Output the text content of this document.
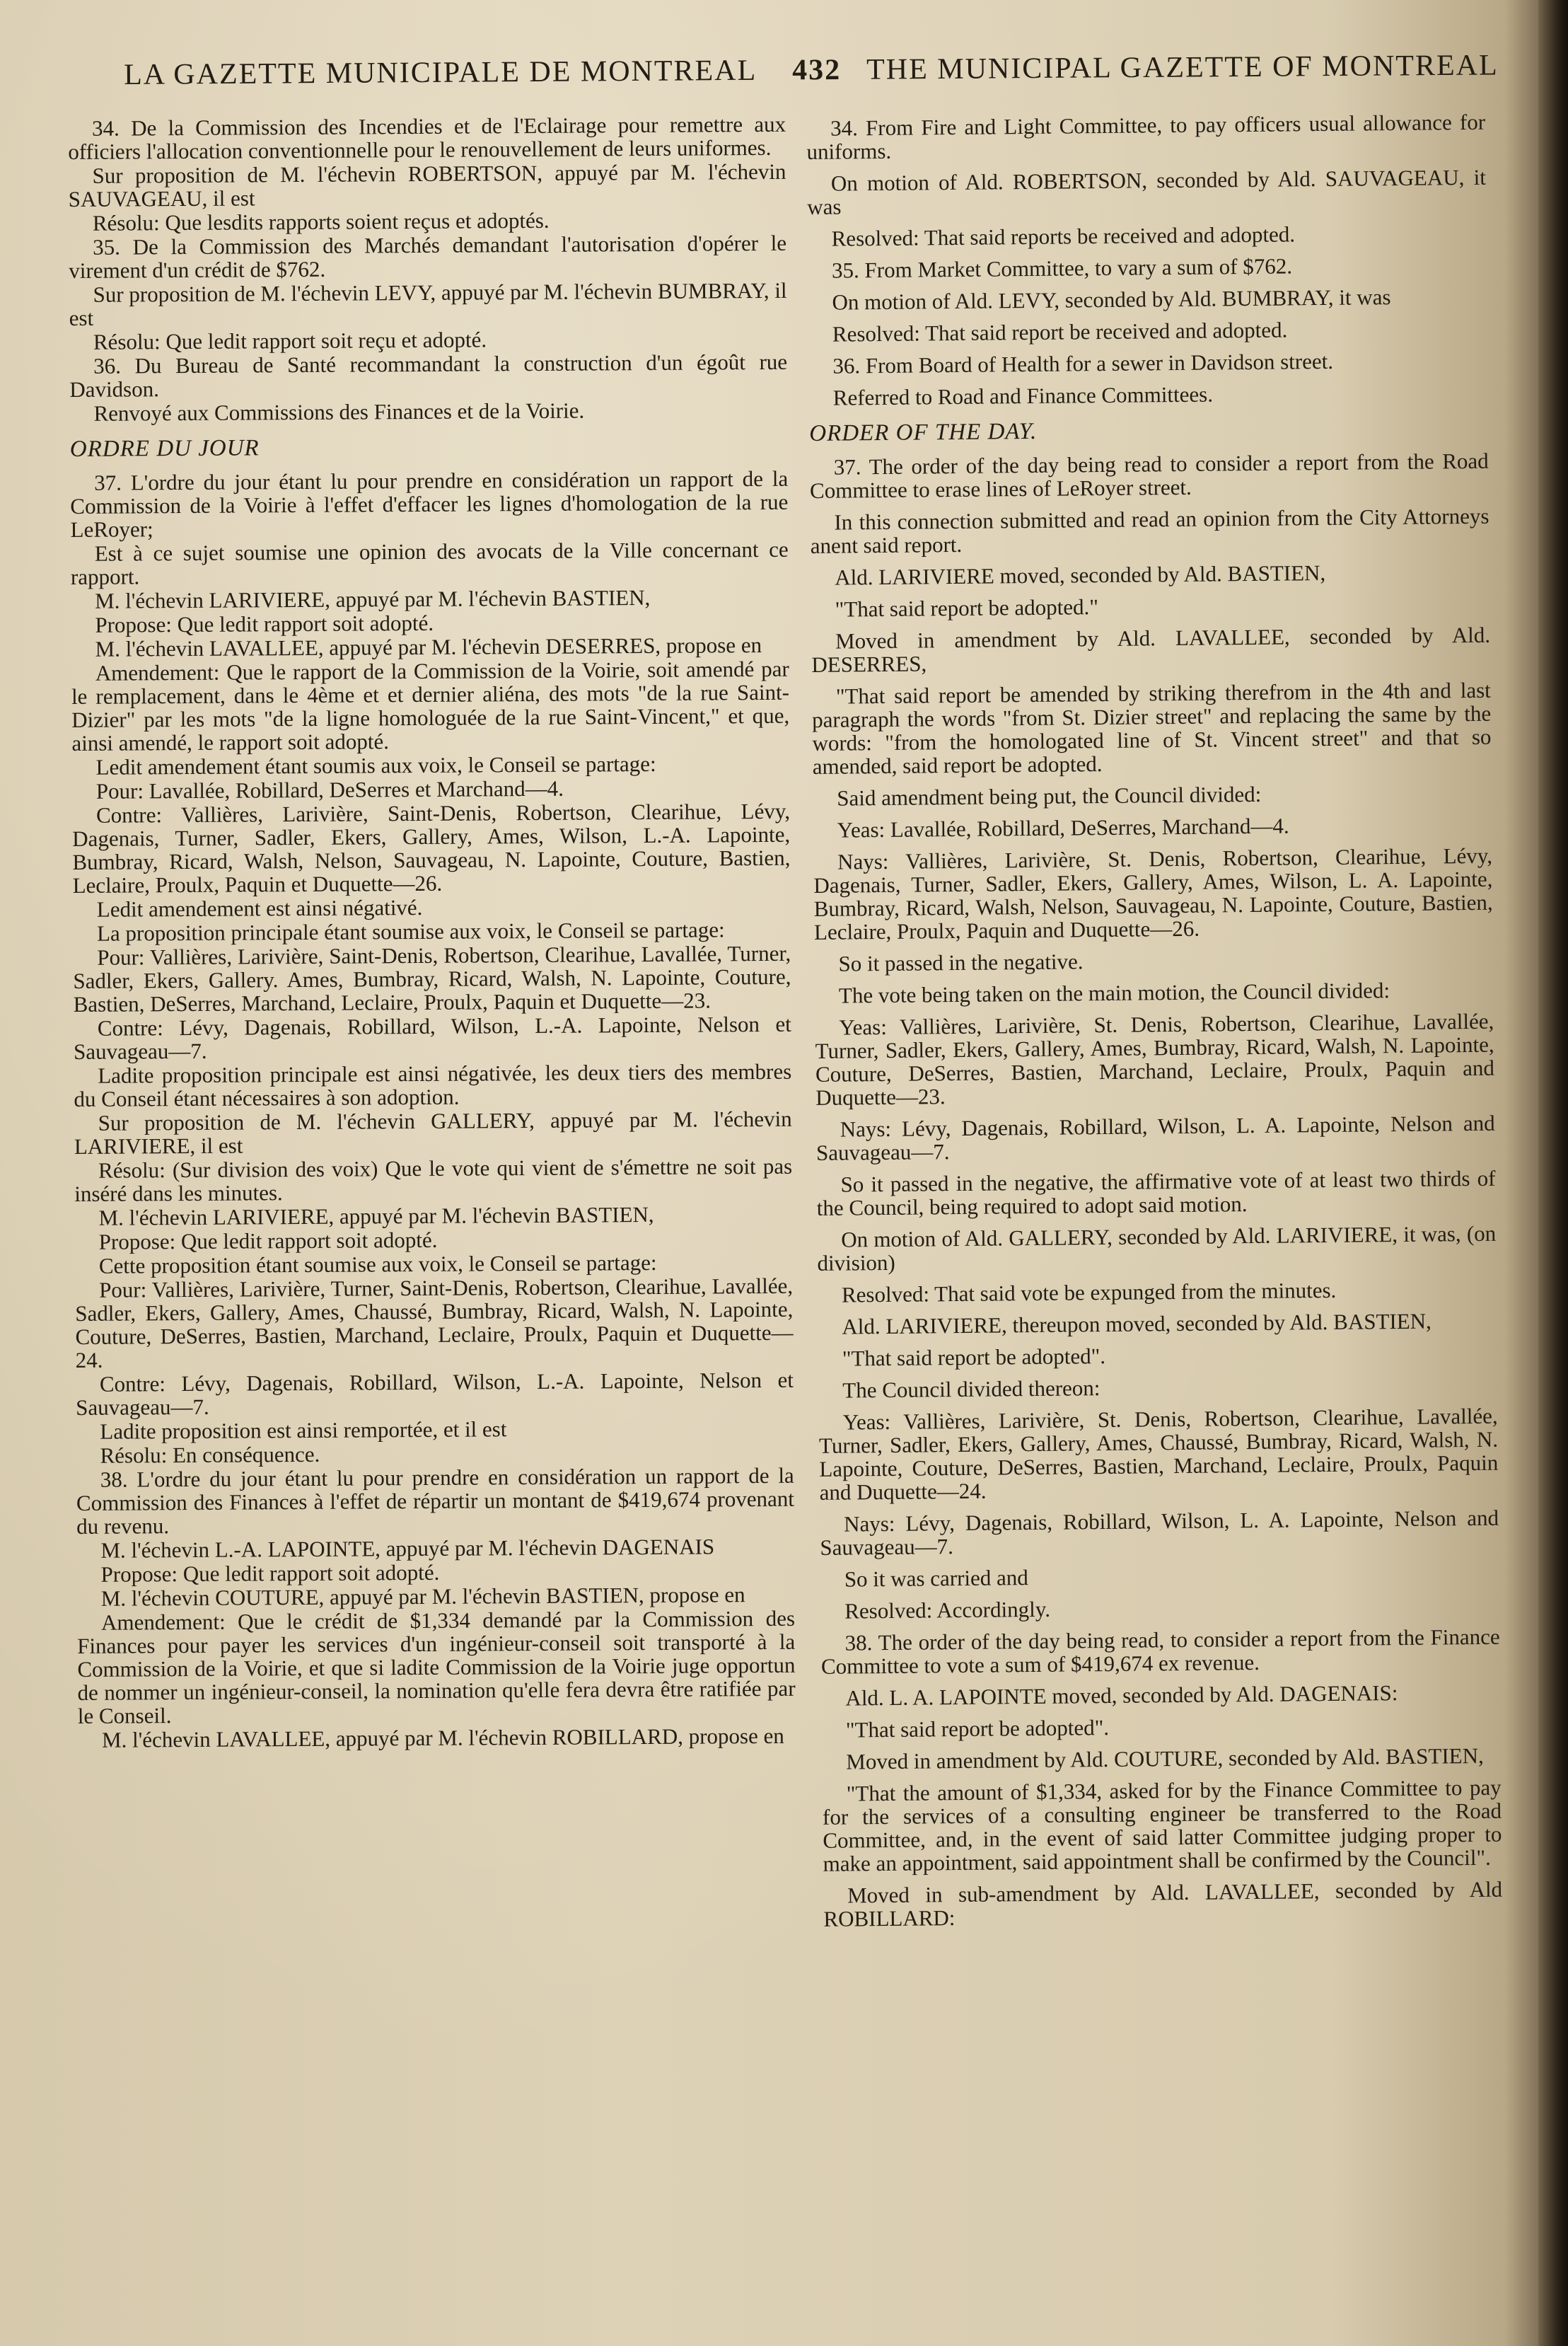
LA GAZETTE MUNICIPALE DE MONTREAL 432 THE MUNICIPAL GAZETTE OF MONTREAL

34. De la Commission des Incendies et de l'Eclairage pour remettre aux officiers l'allocation conventionnelle pour le renouvellement de leurs uniformes.

Sur proposition de M. l'échevin ROBERTSON, appuyé par M. l'échevin SAUVAGEAU, il est

Résolu: Que lesdits rapports soient reçus et adoptés.

35. De la Commission des Marchés demandant l'autorisation d'opérer le virement d'un crédit de $762.

Sur proposition de M. l'échevin LEVY, appuyé par M. l'échevin BUMBRAY, il est

Résolu: Que ledit rapport soit reçu et adopté.

36. Du Bureau de Santé recommandant la construction d'un égoût rue Davidson.

Renvoyé aux Commissions des Finances et de la Voirie.

ORDRE DU JOUR

37. L'ordre du jour étant lu pour prendre en considération un rapport de la Commission de la Voirie à l'effet d'effacer les lignes d'homologation de la rue LeRoyer;

Est à ce sujet soumise une opinion des avocats de la Ville concernant ce rapport.

M. l'échevin LARIVIERE, appuyé par M. l'échevin BASTIEN,

Propose: Que ledit rapport soit adopté.

M. l'échevin LAVALLEE, appuyé par M. l'échevin DESERRES, propose en

Amendement: Que le rapport de la Commission de la Voirie, soit amendé par le remplacement, dans le 4ème et et dernier aliéna, des mots "de la rue Saint-Dizier" par les mots "de la ligne homologuée de la rue Saint-Vincent," et que, ainsi amendé, le rapport soit adopté.

Ledit amendement étant soumis aux voix, le Conseil se partage:

Pour: Lavallée, Robillard, DeSerres et Marchand—4.

Contre: Vallières, Larivière, Saint-Denis, Robertson, Clearihue, Lévy, Dagenais, Turner, Sadler, Ekers, Gallery, Ames, Wilson, L.-A. Lapointe, Bumbray, Ricard, Walsh, Nelson, Sauvageau, N. Lapointe, Couture, Bastien, Leclaire, Proulx, Paquin et Duquette—26.

Ledit amendement est ainsi négativé.

La proposition principale étant soumise aux voix, le Conseil se partage:

Pour: Vallières, Larivière, Saint-Denis, Robertson, Clearihue, Lavallée, Turner, Sadler, Ekers, Gallery. Ames, Bumbray, Ricard, Walsh, N. Lapointe, Couture, Bastien, DeSerres, Marchand, Leclaire, Proulx, Paquin et Duquette—23.

Contre: Lévy, Dagenais, Robillard, Wilson, L.-A. Lapointe, Nelson et Sauvageau—7.

Ladite proposition principale est ainsi négativée, les deux tiers des membres du Conseil étant nécessaires à son adoption.

Sur proposition de M. l'échevin GALLERY, appuyé par M. l'échevin LARIVIERE, il est

Résolu: (Sur division des voix) Que le vote qui vient de s'émettre ne soit pas inséré dans les minutes.

M. l'échevin LARIVIERE, appuyé par M. l'échevin BASTIEN,

Propose: Que ledit rapport soit adopté.

Cette proposition étant soumise aux voix, le Conseil se partage:

Pour: Vallières, Larivière, Turner, Saint-Denis, Robertson, Clearihue, Lavallée, Sadler, Ekers, Gallery, Ames, Chaussé, Bumbray, Ricard, Walsh, N. Lapointe, Couture, DeSerres, Bastien, Marchand, Leclaire, Proulx, Paquin et Duquette—24.

Contre: Lévy, Dagenais, Robillard, Wilson, L.-A. Lapointe, Nelson et Sauvageau—7.

Ladite proposition est ainsi remportée, et il est

Résolu: En conséquence.

38. L'ordre du jour étant lu pour prendre en considération un rapport de la Commission des Finances à l'effet de répartir un montant de $419,674 provenant du revenu.

M. l'échevin L.-A. LAPOINTE, appuyé par M. l'échevin DAGENAIS

Propose: Que ledit rapport soit adopté.

M. l'échevin COUTURE, appuyé par M. l'échevin BASTIEN, propose en

Amendement: Que le crédit de $1,334 demandé par la Commission des Finances pour payer les services d'un ingénieur-conseil soit transporté à la Commission de la Voirie, et que si ladite Commission de la Voirie juge opportun de nommer un ingénieur-conseil, la nomination qu'elle fera devra être ratifiée par le Conseil.

M. l'échevin LAVALLEE, appuyé par M. l'échevin ROBILLARD, propose en

34. From Fire and Light Committee, to pay officers usual allowance for uniforms.

On motion of Ald. ROBERTSON, seconded by Ald. SAUVAGEAU, it was

Resolved: That said reports be received and adopted.

35. From Market Committee, to vary a sum of $762.

On motion of Ald. LEVY, seconded by Ald. BUMBRAY, it was

Resolved: That said report be received and adopted.

36. From Board of Health for a sewer in Davidson street.

Referred to Road and Finance Committees.

ORDER OF THE DAY.

37. The order of the day being read to consider a report from the Road Committee to erase lines of LeRoyer street.

In this connection submitted and read an opinion from the City Attorneys anent said report.

Ald. LARIVIERE moved, seconded by Ald. BASTIEN,

"That said report be adopted."

Moved in amendment by Ald. LAVALLEE, seconded by Ald. DESERRES,

"That said report be amended by striking therefrom in the 4th and last paragraph the words "from St. Dizier street" and replacing the same by the words: "from the homologated line of St. Vincent street" and that so amended, said report be adopted.

Said amendment being put, the Council divided:

Yeas: Lavallée, Robillard, DeSerres, Marchand—4.

Nays: Vallières, Larivière, St. Denis, Robertson, Clearihue, Lévy, Dagenais, Turner, Sadler, Ekers, Gallery, Ames, Wilson, L. A. Lapointe, Bumbray, Ricard, Walsh, Nelson, Sauvageau, N. Lapointe, Couture, Bastien, Leclaire, Proulx, Paquin and Duquette—26.

So it passed in the negative.

The vote being taken on the main motion, the Council divided:

Yeas: Vallières, Larivière, St. Denis, Robertson, Clearihue, Lavallée, Turner, Sadler, Ekers, Gallery, Ames, Bumbray, Ricard, Walsh, N. Lapointe, Couture, DeSerres, Bastien, Marchand, Leclaire, Proulx, Paquin and Duquette—23.

Nays: Lévy, Dagenais, Robillard, Wilson, L. A. Lapointe, Nelson and Sauvageau—7.

So it passed in the negative, the affirmative vote of at least two thirds of the Council, being required to adopt said motion.

On motion of Ald. GALLERY, seconded by Ald. LARIVIERE, it was, (on division)

Resolved: That said vote be expunged from the minutes.

Ald. LARIVIERE, thereupon moved, seconded by Ald. BASTIEN,

"That said report be adopted".

The Council divided thereon:

Yeas: Vallières, Larivière, St. Denis, Robertson, Clearihue, Lavallée, Turner, Sadler, Ekers, Gallery, Ames, Chaussé, Bumbray, Ricard, Walsh, N. Lapointe, Couture, DeSerres, Bastien, Marchand, Leclaire, Proulx, Paquin and Duquette—24.

Nays: Lévy, Dagenais, Robillard, Wilson, L. A. Lapointe, Nelson and Sauvageau—7.

So it was carried and

Resolved: Accordingly.

38. The order of the day being read, to consider a report from the Finance Committee to vote a sum of $419,674 ex revenue.

Ald. L. A. LAPOINTE moved, seconded by Ald. DAGENAIS:

"That said report be adopted".

Moved in amendment by Ald. COUTURE, seconded by Ald. BASTIEN,

"That the amount of $1,334, asked for by the Finance Committee to pay for the services of a consulting engineer be transferred to the Road Committee, and, in the event of said latter Committee judging proper to make an appointment, said appointment shall be confirmed by the Council".

Moved in sub-amendment by Ald. LAVALLEE, seconded by Ald ROBILLARD:
